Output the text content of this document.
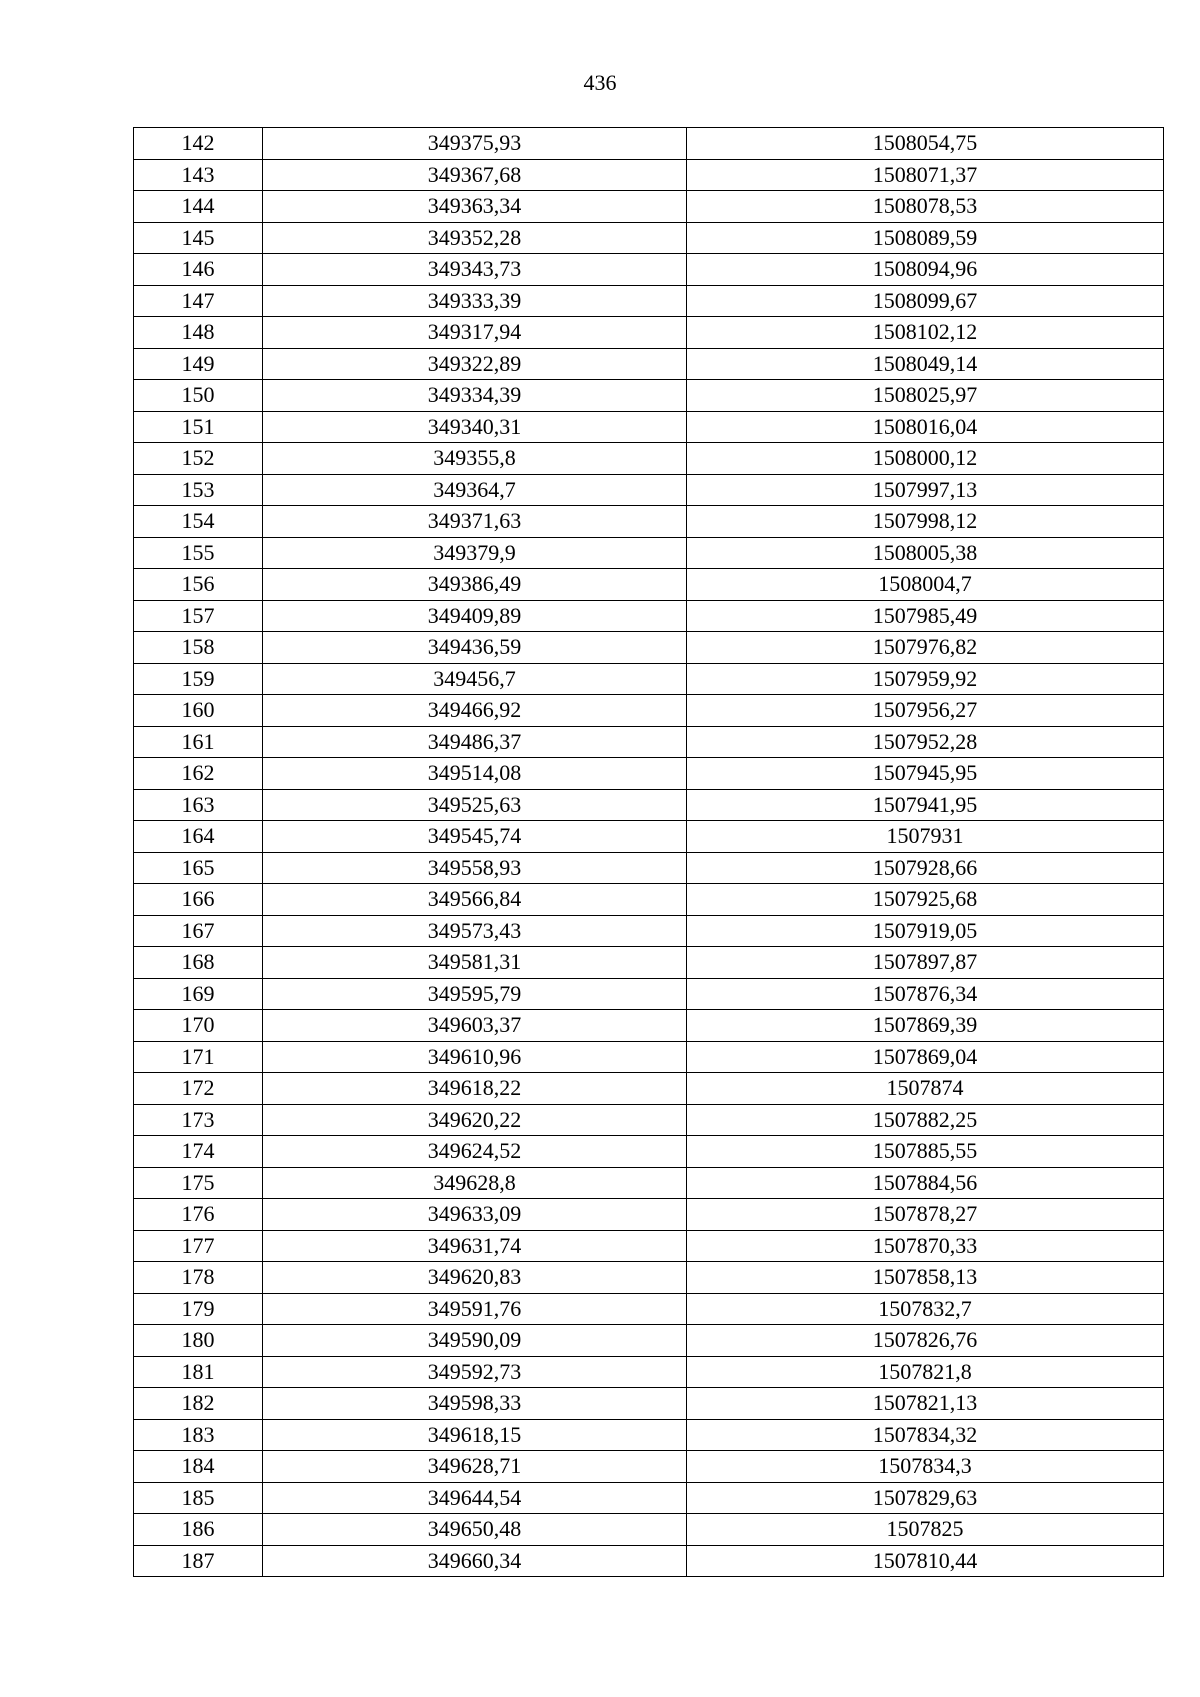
436
142	349375,93	1508054,75
143	349367,68	1508071,37
144	349363,34	1508078,53
145	349352,28	1508089,59
146	349343,73	1508094,96
147	349333,39	1508099,67
148	349317,94	1508102,12
149	349322,89	1508049,14
150	349334,39	1508025,97
151	349340,31	1508016,04
152	349355,8	1508000,12
153	349364,7	1507997,13
154	349371,63	1507998,12
155	349379,9	1508005,38
156	349386,49	1508004,7
157	349409,89	1507985,49
158	349436,59	1507976,82
159	349456,7	1507959,92
160	349466,92	1507956,27
161	349486,37	1507952,28
162	349514,08	1507945,95
163	349525,63	1507941,95
164	349545,74	1507931
165	349558,93	1507928,66
166	349566,84	1507925,68
167	349573,43	1507919,05
168	349581,31	1507897,87
169	349595,79	1507876,34
170	349603,37	1507869,39
171	349610,96	1507869,04
172	349618,22	1507874
173	349620,22	1507882,25
174	349624,52	1507885,55
175	349628,8	1507884,56
176	349633,09	1507878,27
177	349631,74	1507870,33
178	349620,83	1507858,13
179	349591,76	1507832,7
180	349590,09	1507826,76
181	349592,73	1507821,8
182	349598,33	1507821,13
183	349618,15	1507834,32
184	349628,71	1507834,3
185	349644,54	1507829,63
186	349650,48	1507825
187	349660,34	1507810,44
